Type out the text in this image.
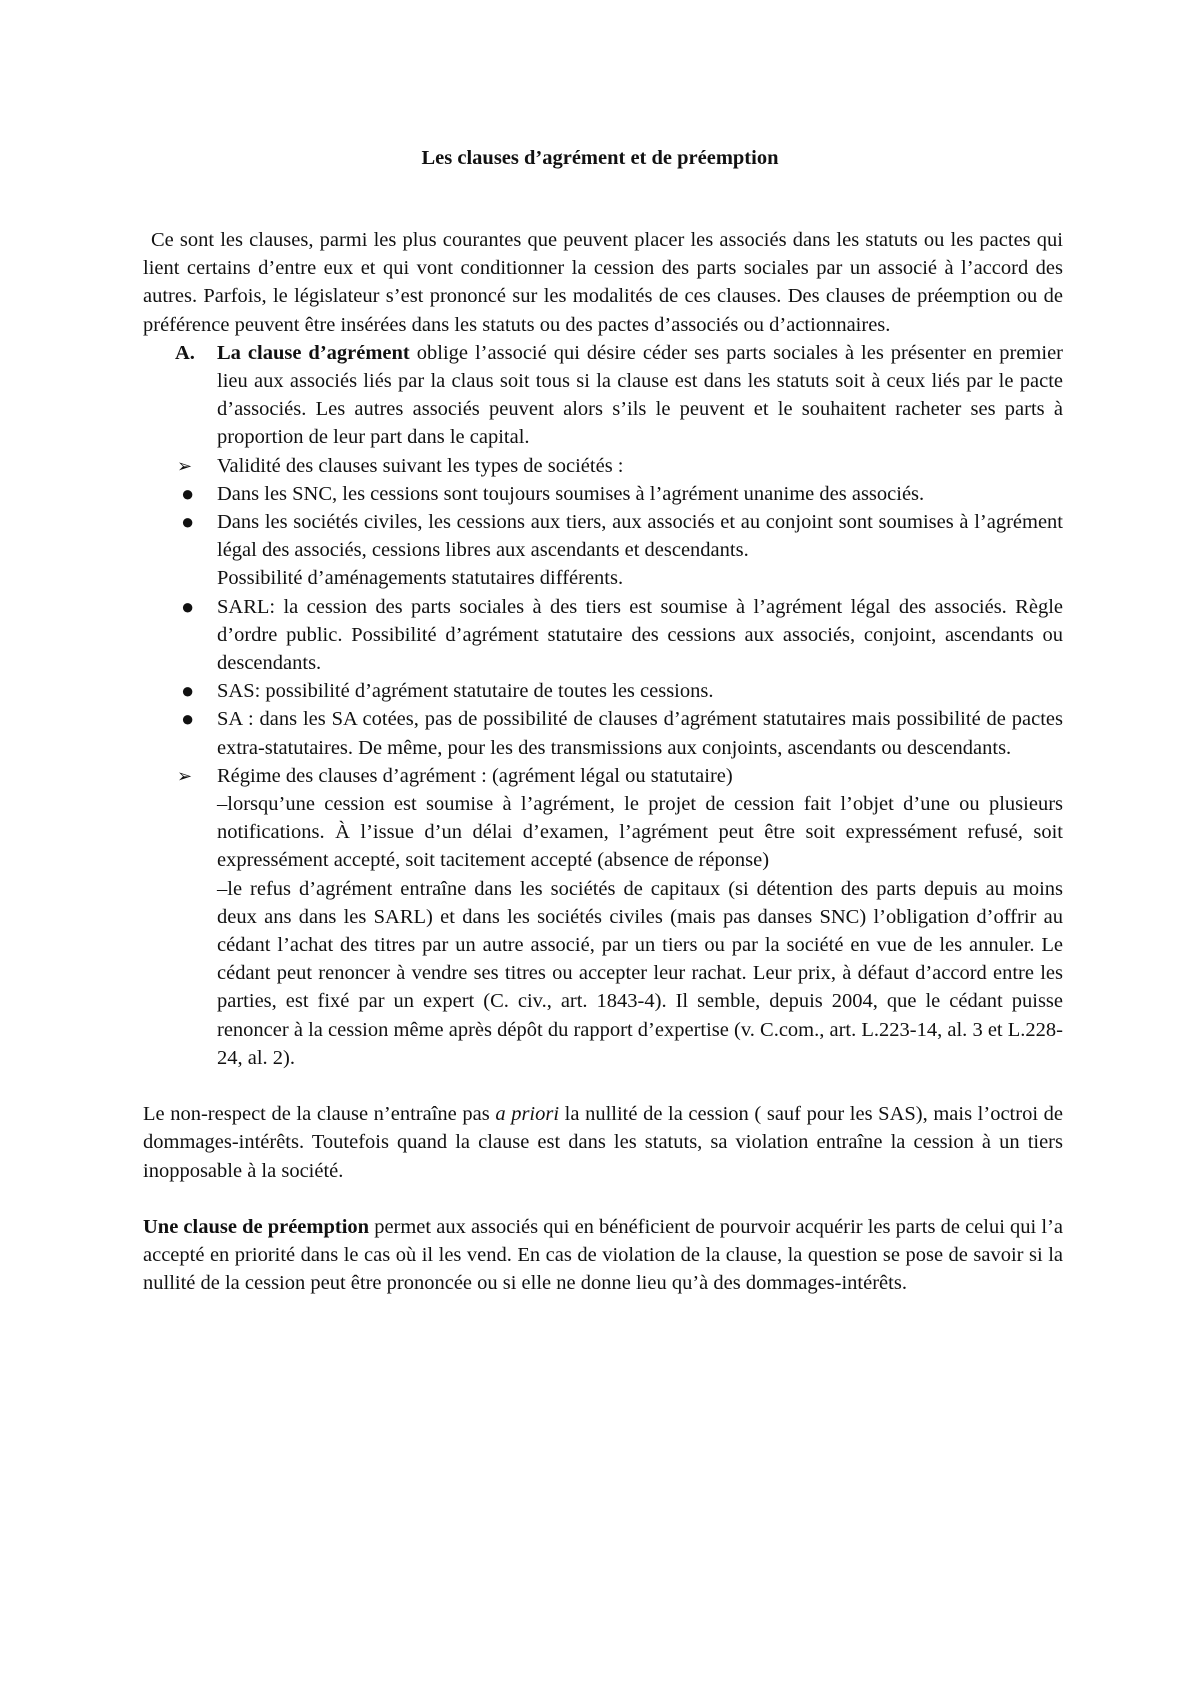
Les clauses d’agrément et de préemption

Ce sont les clauses, parmi les plus courantes que peuvent placer les associés dans les statuts ou les pactes qui lient certains d’entre eux et qui vont conditionner la cession des parts sociales par un associé à l’accord des autres. Parfois, le législateur s’est prononcé sur les modalités de ces clauses. Des clauses de préemption ou de préférence peuvent être insérées dans les statuts ou des pactes d’associés ou d’actionnaires.

A.	La clause d’agrément oblige l’associé qui désire céder ses parts sociales à les présenter en premier lieu aux associés liés par la claus soit tous si la clause est dans les statuts soit à ceux liés par le pacte d’associés. Les autres associés peuvent alors s’ils le peuvent et le souhaitent racheter ses parts à proportion de leur part dans le capital.
➢	Validité des clauses suivant les types de sociétés :
●	Dans les SNC, les cessions sont toujours soumises à l’agrément unanime des associés.
●	Dans les sociétés civiles, les cessions aux tiers, aux associés et au conjoint sont soumises à l’agrément légal des associés, cessions libres aux ascendants et descendants.
Possibilité d’aménagements statutaires différents.
●	SARL: la cession des parts sociales à des tiers est soumise à l’agrément légal des associés. Règle d’ordre public. Possibilité d’agrément statutaire des cessions aux associés, conjoint, ascendants ou descendants.
●	SAS: possibilité d’agrément statutaire de toutes les cessions.
●	SA : dans les SA cotées, pas de possibilité de clauses d’agrément statutaires mais possibilité de pactes extra-statutaires. De même, pour les des transmissions aux conjoints, ascendants ou descendants.
➢	Régime des clauses d’agrément : (agrément légal ou statutaire)
–lorsqu’une cession est soumise à l’agrément, le projet de cession fait l’objet d’une ou plusieurs notifications. À l’issue d’un délai d’examen, l’agrément peut être soit expressément refusé, soit expressément accepté, soit tacitement accepté (absence de réponse)
–le refus d’agrément entraîne dans les sociétés de capitaux (si détention des parts depuis au moins deux ans dans les SARL) et dans les sociétés civiles (mais pas danses SNC) l’obligation d’offrir au cédant l’achat des titres par un autre associé, par un tiers ou par la société en vue de les annuler. Le cédant peut renoncer à vendre ses titres ou accepter leur rachat. Leur prix, à défaut d’accord entre les parties, est fixé par un expert (C. civ., art. 1843-4). Il semble, depuis 2004, que le cédant puisse renoncer à la cession même après dépôt du rapport d’expertise (v. C.com., art. L.223-14, al. 3 et L.228-24, al. 2).

Le non-respect de la clause n’entraîne pas a priori la nullité de la cession ( sauf pour les SAS), mais l’octroi de dommages-intérêts. Toutefois quand la clause est dans les statuts, sa violation entraîne la cession à un tiers inopposable à la société.

Une clause de préemption permet aux associés qui en bénéficient de pourvoir acquérir les parts de celui qui l’a accepté en priorité dans le cas où il les vend. En cas de violation de la clause, la question se pose de savoir si la nullité de la cession peut être prononcée ou si elle ne donne lieu qu’à des dommages-intérêts.
